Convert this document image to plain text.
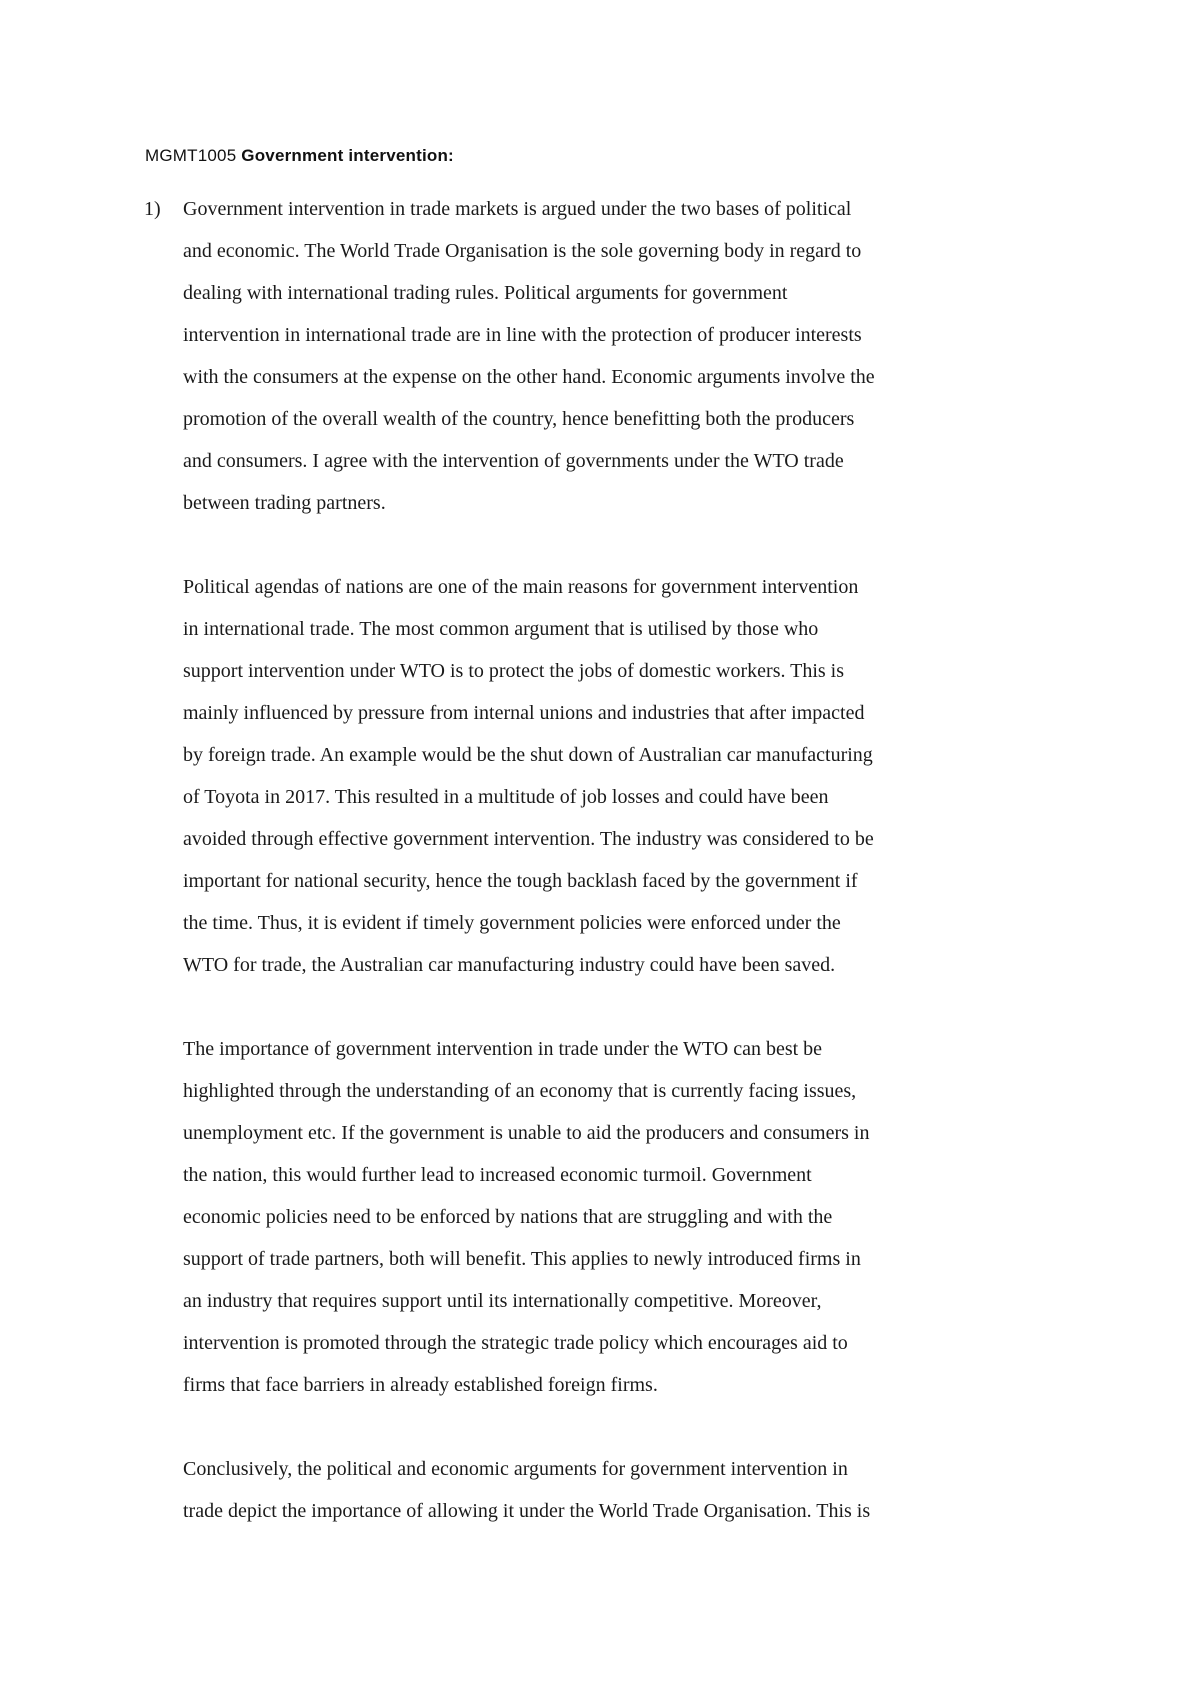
MGMT1005 Government intervention:
1) Government intervention in trade markets is argued under the two bases of political
and economic. The World Trade Organisation is the sole governing body in regard to
dealing with international trading rules. Political arguments for government
intervention in international trade are in line with the protection of producer interests
with the consumers at the expense on the other hand. Economic arguments involve the
promotion of the overall wealth of the country, hence benefitting both the producers
and consumers. I agree with the intervention of governments under the WTO trade
between trading partners.

Political agendas of nations are one of the main reasons for government intervention
in international trade. The most common argument that is utilised by those who
support intervention under WTO is to protect the jobs of domestic workers. This is
mainly influenced by pressure from internal unions and industries that after impacted
by foreign trade. An example would be the shut down of Australian car manufacturing
of Toyota in 2017. This resulted in a multitude of job losses and could have been
avoided through effective government intervention. The industry was considered to be
important for national security, hence the tough backlash faced by the government if
the time. Thus, it is evident if timely government policies were enforced under the
WTO for trade, the Australian car manufacturing industry could have been saved.

The importance of government intervention in trade under the WTO can best be
highlighted through the understanding of an economy that is currently facing issues,
unemployment etc. If the government is unable to aid the producers and consumers in
the nation, this would further lead to increased economic turmoil. Government
economic policies need to be enforced by nations that are struggling and with the
support of trade partners, both will benefit. This applies to newly introduced firms in
an industry that requires support until its internationally competitive. Moreover,
intervention is promoted through the strategic trade policy which encourages aid to
firms that face barriers in already established foreign firms.

Conclusively, the political and economic arguments for government intervention in
trade depict the importance of allowing it under the World Trade Organisation. This is
